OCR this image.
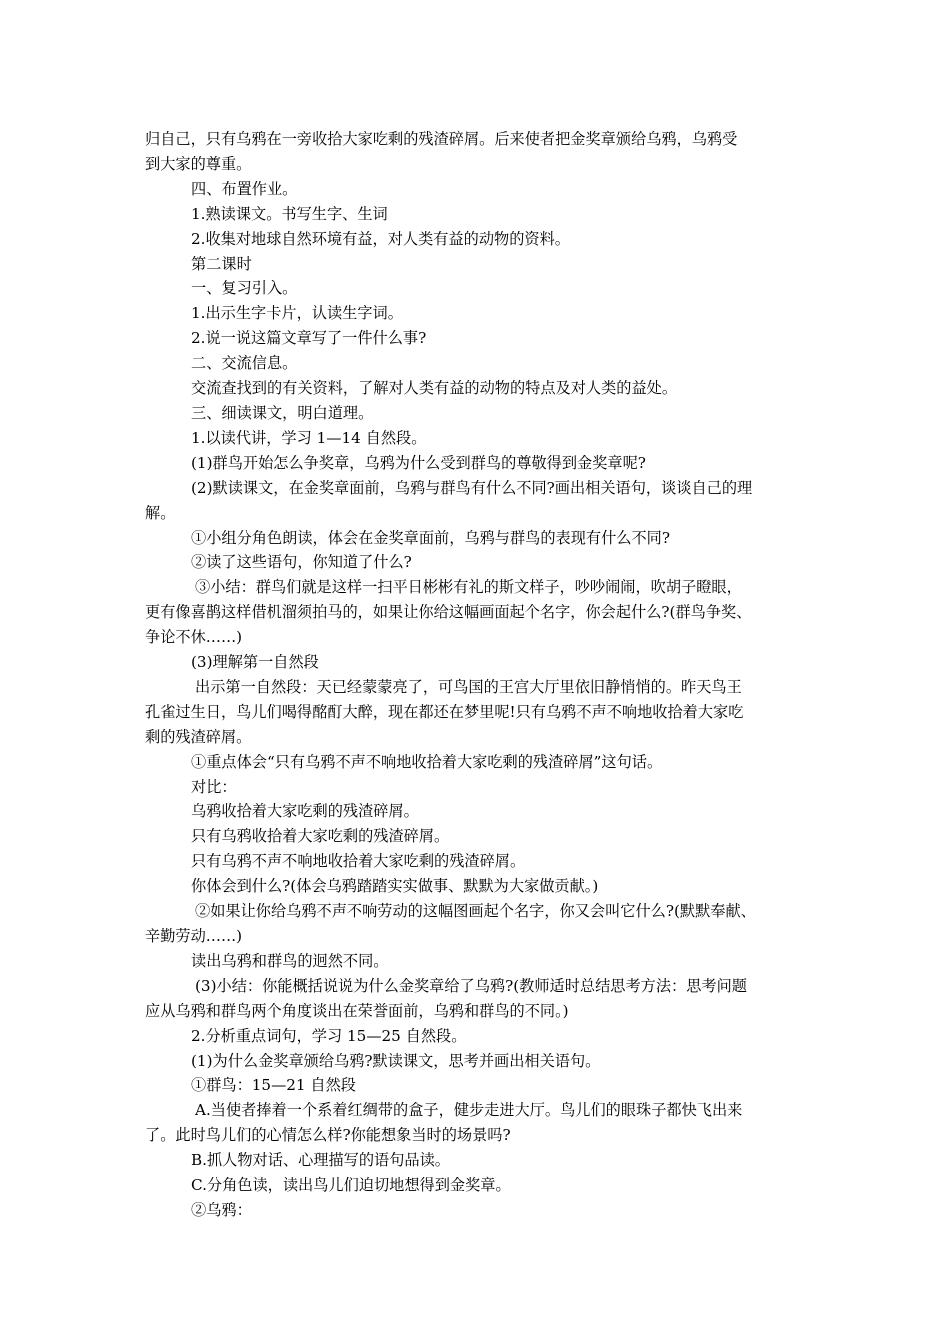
归自己，只有乌鸦在一旁收拾大家吃剩的残渣碎屑。后来使者把金奖章颁给乌鸦，乌鸦受

到大家的尊重。

四、布置作业。

1.熟读课文。书写生字、生词

2.收集对地球自然环境有益，对人类有益的动物的资料。

第二课时

一、复习引入。

1.出示生字卡片，认读生字词。

2.说一说这篇文章写了一件什么事?

二、交流信息。

交流查找到的有关资料，了解对人类有益的动物的特点及对人类的益处。

三、细读课文，明白道理。

1.以读代讲，学习 1—14 自然段。

(1)群鸟开始怎么争奖章，乌鸦为什么受到群鸟的尊敬得到金奖章呢?

(2)默读课文，在金奖章面前，乌鸦与群鸟有什么不同?画出相关语句，谈谈自己的理

解。

①小组分角色朗读，体会在金奖章面前，乌鸦与群鸟的表现有什么不同?

②读了这些语句，你知道了什么?

③小结：群鸟们就是这样一扫平日彬彬有礼的斯文样子，吵吵闹闹，吹胡子瞪眼，

更有像喜鹊这样借机溜须拍马的，如果让你给这幅画面起个名字，你会起什么?(群鸟争奖、

争论不休……)

(3)理解第一自然段

出示第一自然段：天已经蒙蒙亮了，可鸟国的王宫大厅里依旧静悄悄的。昨天鸟王

孔雀过生日，鸟儿们喝得酩酊大醉，现在都还在梦里呢!只有乌鸦不声不响地收拾着大家吃

剩的残渣碎屑。

①重点体会“只有乌鸦不声不响地收拾着大家吃剩的残渣碎屑”这句话。

对比：

乌鸦收拾着大家吃剩的残渣碎屑。

只有乌鸦收拾着大家吃剩的残渣碎屑。

只有乌鸦不声不响地收拾着大家吃剩的残渣碎屑。

你体会到什么?(体会乌鸦踏踏实实做事、默默为大家做贡献。)

②如果让你给乌鸦不声不响劳动的这幅图画起个名字，你又会叫它什么?(默默奉献、

辛勤劳动……)

读出乌鸦和群鸟的迥然不同。

(3)小结：你能概括说说为什么金奖章给了乌鸦?(教师适时总结思考方法：思考问题

应从乌鸦和群鸟两个角度谈出在荣誉面前，乌鸦和群鸟的不同。)

2.分析重点词句，学习 15—25 自然段。

(1)为什么金奖章颁给乌鸦?默读课文，思考并画出相关语句。

①群鸟：15—21 自然段

A.当使者捧着一个系着红绸带的盒子，健步走进大厅。鸟儿们的眼珠子都快飞出来

了。此时鸟儿们的心情怎么样?你能想象当时的场景吗?

B.抓人物对话、心理描写的语句品读。

C.分角色读，读出鸟儿们迫切地想得到金奖章。

②乌鸦：
